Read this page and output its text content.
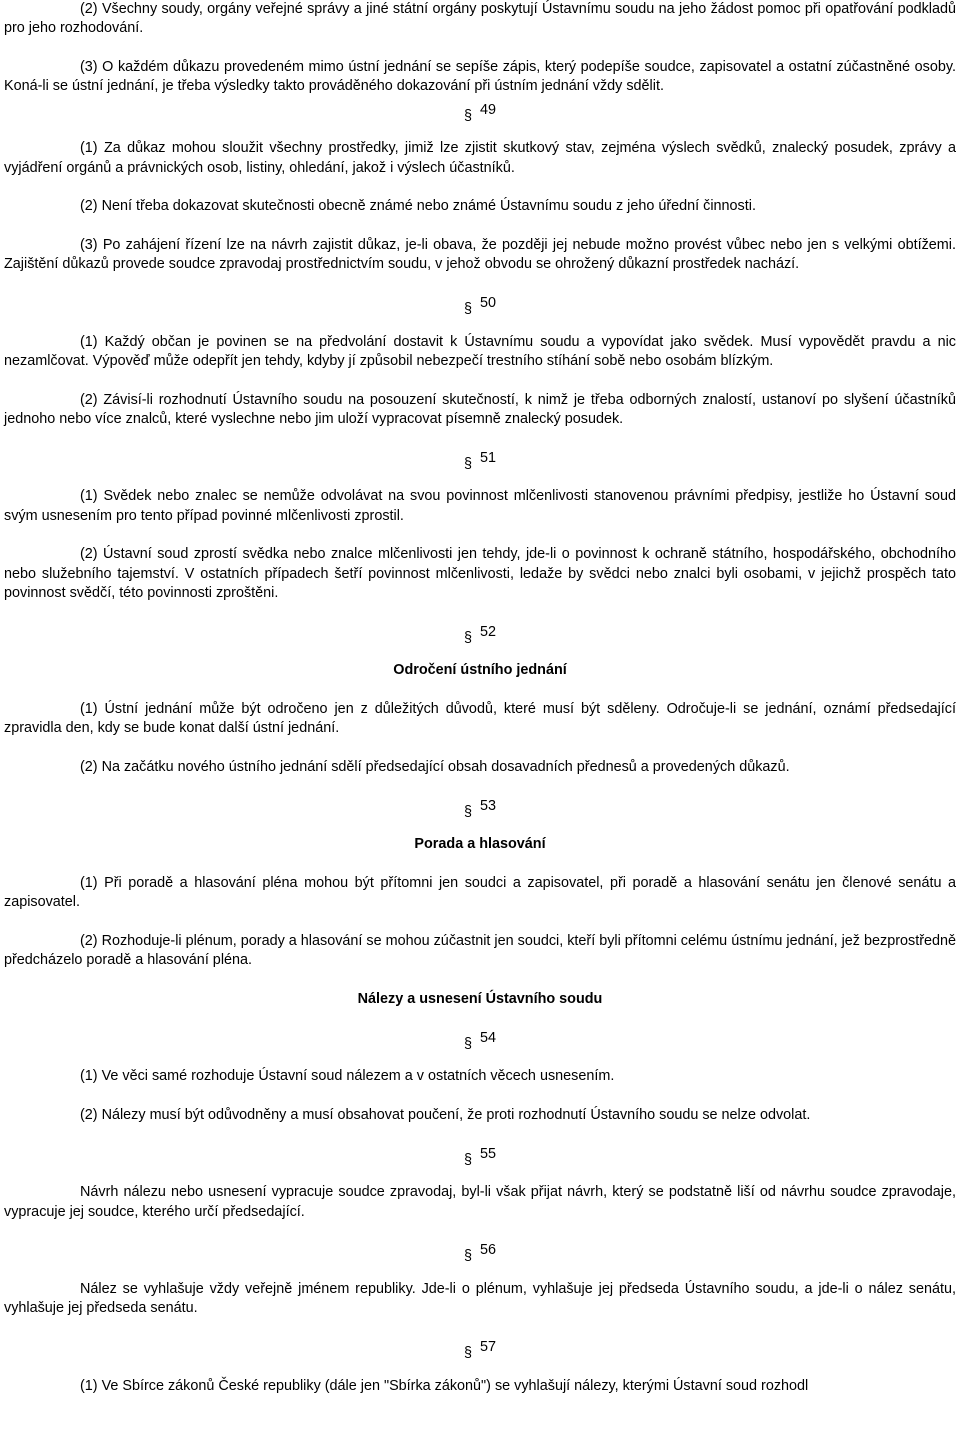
(2) Všechny soudy, orgány veřejné správy a jiné státní orgány poskytují Ústavnímu soudu na jeho žádost pomoc při opatřování podkladů pro jeho rozhodování.

(3) O každém důkazu provedeném mimo ústní jednání se sepíše zápis, který podepíše soudce, zapisovatel a ostatní zúčastněné osoby. Koná-li se ústní jednání, je třeba výsledky takto prováděného dokazování při ústním jednání vždy sdělit.

§ 49

(1) Za důkaz mohou sloužit všechny prostředky, jimiž lze zjistit skutkový stav, zejména výslech svědků, znalecký posudek, zprávy a vyjádření orgánů a právnických osob, listiny, ohledání, jakož i výslech účastníků.

(2) Není třeba dokazovat skutečnosti obecně známé nebo známé Ústavnímu soudu z jeho úřední činnosti.

(3) Po zahájení řízení lze na návrh zajistit důkaz, je-li obava, že později jej nebude možno provést vůbec nebo jen s velkými obtížemi. Zajištění důkazů provede soudce zpravodaj prostřednictvím soudu, v jehož obvodu se ohrožený důkazní prostředek nachází.

§ 50

(1) Každý občan je povinen se na předvolání dostavit k Ústavnímu soudu a vypovídat jako svědek. Musí vypovědět pravdu a nic nezamlčovat. Výpověď může odepřít jen tehdy, kdyby jí způsobil nebezpečí trestního stíhání sobě nebo osobám blízkým.

(2) Závisí-li rozhodnutí Ústavního soudu na posouzení skutečností, k nimž je třeba odborných znalostí, ustanoví po slyšení účastníků jednoho nebo více znalců, které vyslechne nebo jim uloží vypracovat písemně znalecký posudek.

§ 51

(1) Svědek nebo znalec se nemůže odvolávat na svou povinnost mlčenlivosti stanovenou právními předpisy, jestliže ho Ústavní soud svým usnesením pro tento případ povinné mlčenlivosti zprostil.

(2) Ústavní soud zprostí svědka nebo znalce mlčenlivosti jen tehdy, jde-li o povinnost k ochraně státního, hospodářského, obchodního nebo služebního tajemství. V ostatních případech šetří povinnost mlčenlivosti, ledaže by svědci nebo znalci byli osobami, v jejichž prospěch tato povinnost svědčí, této povinnosti zproštěni.

§ 52
Odročení ústního jednání

(1) Ústní jednání může být odročeno jen z důležitých důvodů, které musí být sděleny. Odročuje-li se jednání, oznámí předsedající zpravidla den, kdy se bude konat další ústní jednání.

(2) Na začátku nového ústního jednání sdělí předsedající obsah dosavadních přednesů a provedených důkazů.

§ 53
Porada a hlasování

(1) Při poradě a hlasování pléna mohou být přítomni jen soudci a zapisovatel, při poradě a hlasování senátu jen členové senátu a zapisovatel.

(2) Rozhoduje-li plénum, porady a hlasování se mohou zúčastnit jen soudci, kteří byli přítomni celému ústnímu jednání, jež bezprostředně předcházelo poradě a hlasování pléna.

Nálezy a usnesení Ústavního soudu
§ 54

(1) Ve věci samé rozhoduje Ústavní soud nálezem a v ostatních věcech usnesením.

(2) Nálezy musí být odůvodněny a musí obsahovat poučení, že proti rozhodnutí Ústavního soudu se nelze odvolat.

§ 55

Návrh nálezu nebo usnesení vypracuje soudce zpravodaj, byl-li však přijat návrh, který se podstatně liší od návrhu soudce zpravodaje, vypracuje jej soudce, kterého určí předsedající.

§ 56

Nález se vyhlašuje vždy veřejně jménem republiky. Jde-li o plénum, vyhlašuje jej předseda Ústavního soudu, a jde-li o nález senátu, vyhlašuje jej předseda senátu.

§ 57

(1) Ve Sbírce zákonů České republiky (dále jen "Sbírka zákonů") se vyhlašují nálezy, kterými Ústavní soud rozhodl
